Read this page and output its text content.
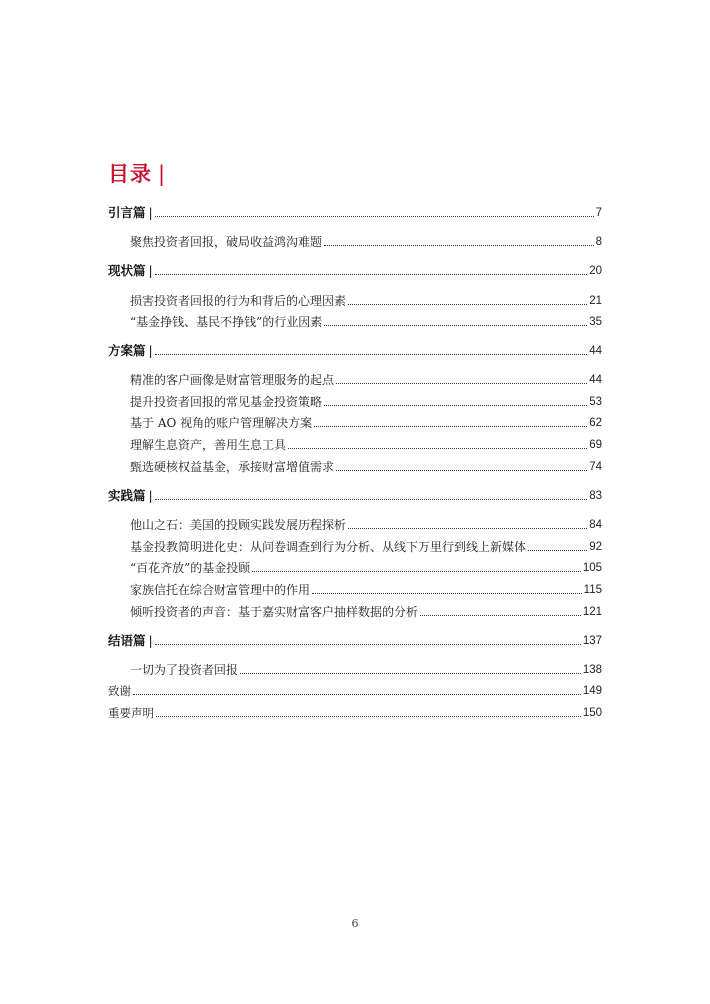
目录 |
引言篇 |	7
聚焦投资者回报，破局收益鸿沟难题	8
现状篇 |	20
损害投资者回报的行为和背后的心理因素	21
“基金挣钱、基民不挣钱”的行业因素	35
方案篇 |	44
精准的客户画像是财富管理服务的起点	44
提升投资者回报的常见基金投资策略	53
基于 AO 视角的账户管理解决方案	62
理解生息资产，善用生息工具	69
甄选硬核权益基金，承接财富增值需求	74
实践篇 |	83
他山之石：美国的投顾实践发展历程探析	84
基金投教简明进化史：从问卷调查到行为分析、从线下万里行到线上新媒体	92
“百花齐放”的基金投顾	105
家族信托在综合财富管理中的作用	115
倾听投资者的声音：基于嘉实财富客户抽样数据的分析	121
结语篇 |	137
一切为了投资者回报	138
致谢	149
重要声明	150
6
